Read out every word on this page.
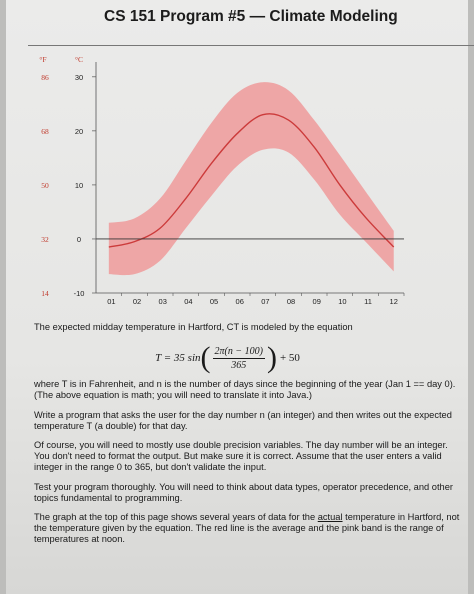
CS 151 Program #5 — Climate Modeling
°F	°C
30
86
20
68
10
50
0
32
-10
14
01 02 03 04 05 06 07 08 09 10 11 12

The expected midday temperature in Hartford, CT is modeled by the equation

T = 35 sin ( $\frac{2\pi(n - 100)}{365}$ ) + 50

where T is in Fahrenheit, and n is the number of days since the beginning of the year (Jan 1 == day 0). (The above equation is math; you will need to translate it into Java.)

Write a program that asks the user for the day number n (an integer) and then writes out the expected temperature T (a double) for that day.

Of course, you will need to mostly use double precision variables. The day number will be an integer. You don't need to format the output. But make sure it is correct. Assume that the user enters a valid integer in the range 0 to 365, but don't validate the input.

Test your program thoroughly. You will need to think about data types, operator precedence, and other topics fundamental to programming.

The graph at the top of this page shows several years of data for the actual temperature in Hartford, not the temperature given by the equation. The red line is the average and the pink band is the range of temperatures at noon.
